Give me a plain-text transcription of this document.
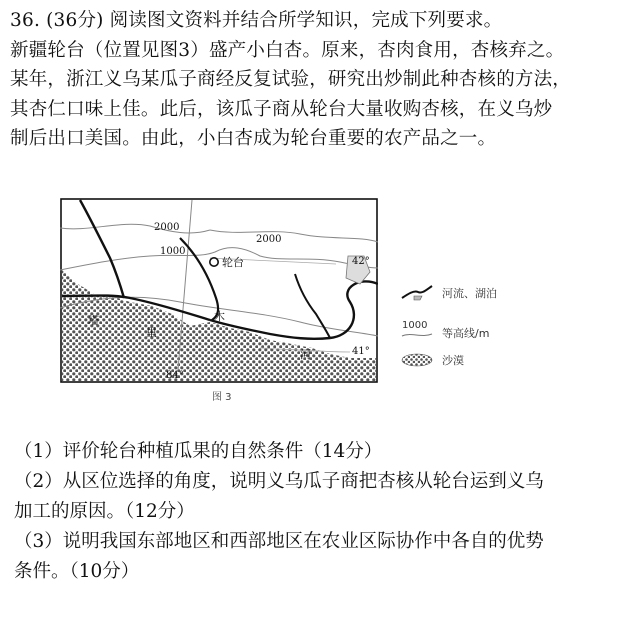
36. (36分) 阅读图文资料并结合所学知识，完成下列要求。
新疆轮台（位置见图3）盛产小白杏。原来，杏肉食用，杏核弃之。
某年，浙江义乌某瓜子商经反复试验，研究出炒制此种杏核的方法，
其杏仁口味上佳。此后，该瓜子商从轮台大量收购杏核，在义乌炒
制后出口美国。由此，小白杏成为轮台重要的农产品之一。
2000
2000
1000
轮台	42°
41°
84°
塔
里
木
河
河流、湖泊
1000
等高线/m
沙漠
图 3
（1）评价轮台种植瓜果的自然条件（14分）
（2）从区位选择的角度，说明义乌瓜子商把杏核从轮台运到义乌
加工的原因。（12分）
（3）说明我国东部地区和西部地区在农业区际协作中各自的优势
条件。（10分）
